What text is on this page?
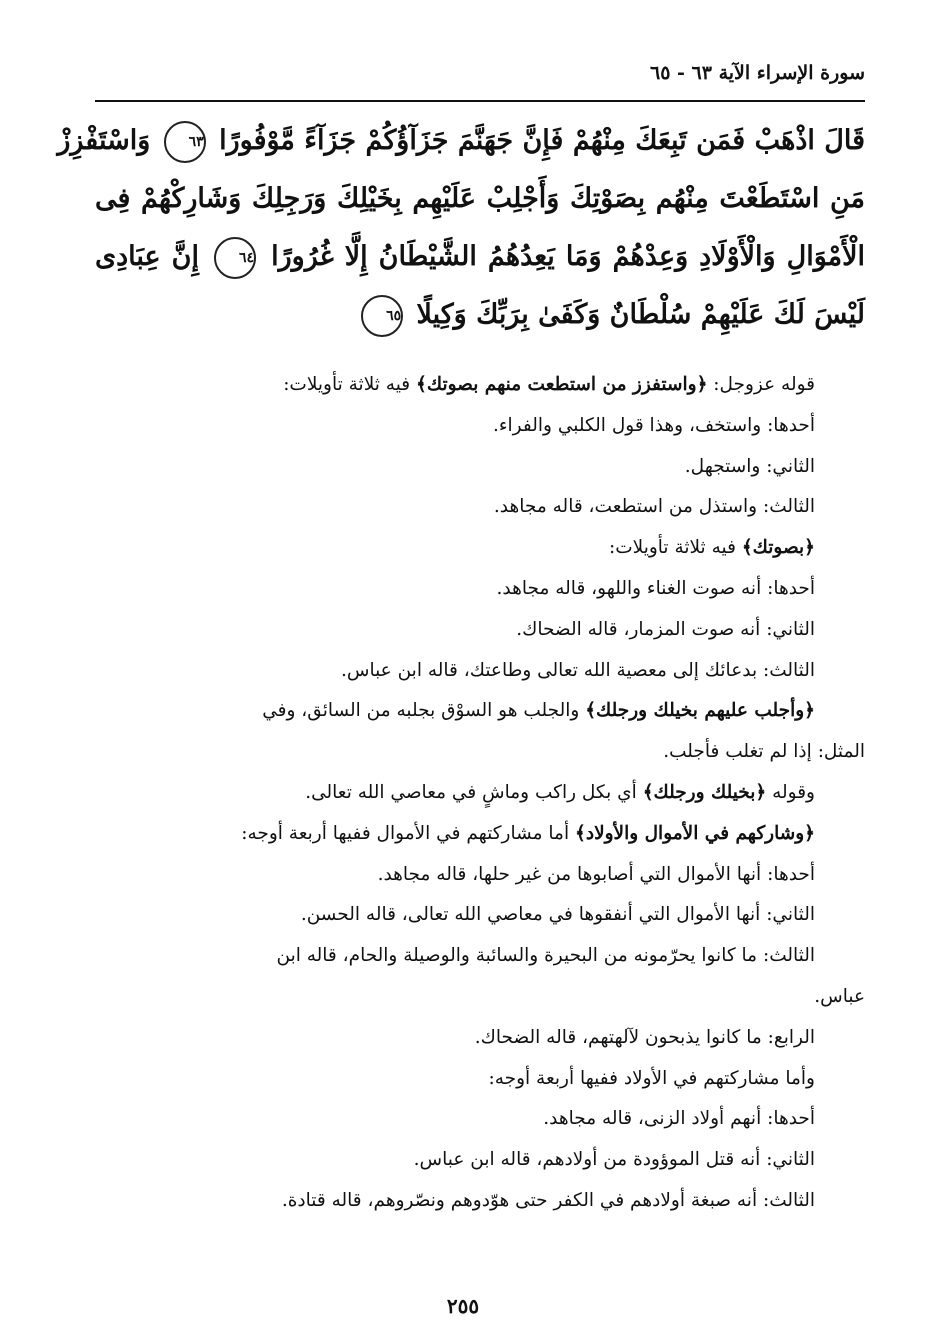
سورة الإسراء الآية ٦٣ - ٦٥
قَالَ اذْهَبْ فَمَن تَبِعَكَ مِنْهُمْ فَإِنَّ جَهَنَّمَ جَزَآؤُكُمْ جَزَآءً مَّوْفُورًا ٦٣ وَاسْتَفْزِزْ
مَنِ اسْتَطَعْتَ مِنْهُم بِصَوْتِكَ وَأَجْلِبْ عَلَيْهِم بِخَيْلِكَ وَرَجِلِكَ وَشَارِكْهُمْ فِى
الْأَمْوَالِ وَالْأَوْلَادِ وَعِدْهُمْ وَمَا يَعِدُهُمُ الشَّيْطَانُ إِلَّا غُرُورًا ٦٤ إِنَّ عِبَادِى
لَيْسَ لَكَ عَلَيْهِمْ سُلْطَانٌ وَكَفَىٰ بِرَبِّكَ وَكِيلًا ٦٥
قوله عزوجل: ﴿واستفزز من استطعت منهم بصوتك﴾ فيه ثلاثة تأويلات:
أحدها: واستخف، وهذا قول الكلبي والفراء.
الثاني: واستجهل.
الثالث: واستذل من استطعت، قاله مجاهد.
﴿بصوتك﴾ فيه ثلاثة تأويلات:
أحدها: أنه صوت الغناء واللهو، قاله مجاهد.
الثاني: أنه صوت المزمار، قاله الضحاك.
الثالث: بدعائك إلى معصية الله تعالى وطاعتك، قاله ابن عباس.
﴿وأجلب عليهم بخيلك ورجلك﴾ والجلب هو السوْق بجلبه من السائق، وفي
المثل: إذا لم تغلب فأجلب.
وقوله ﴿بخيلك ورجلك﴾ أي بكل راكب وماشٍ في معاصي الله تعالى.
﴿وشاركهم في الأموال والأولاد﴾ أما مشاركتهم في الأموال ففيها أربعة أوجه:
أحدها: أنها الأموال التي أصابوها من غير حلها، قاله مجاهد.
الثاني: أنها الأموال التي أنفقوها في معاصي الله تعالى، قاله الحسن.
الثالث: ما كانوا يحرّمونه من البحيرة والسائبة والوصيلة والحام، قاله ابن
عباس.
الرابع: ما كانوا يذبحون لآلهتهم، قاله الضحاك.
وأما مشاركتهم في الأولاد ففيها أربعة أوجه:
أحدها: أنهم أولاد الزنى، قاله مجاهد.
الثاني: أنه قتل الموؤودة من أولادهم، قاله ابن عباس.
الثالث: أنه صبغة أولادهم في الكفر حتى هوّدوهم ونصّروهم، قاله قتادة.
٢٥٥
